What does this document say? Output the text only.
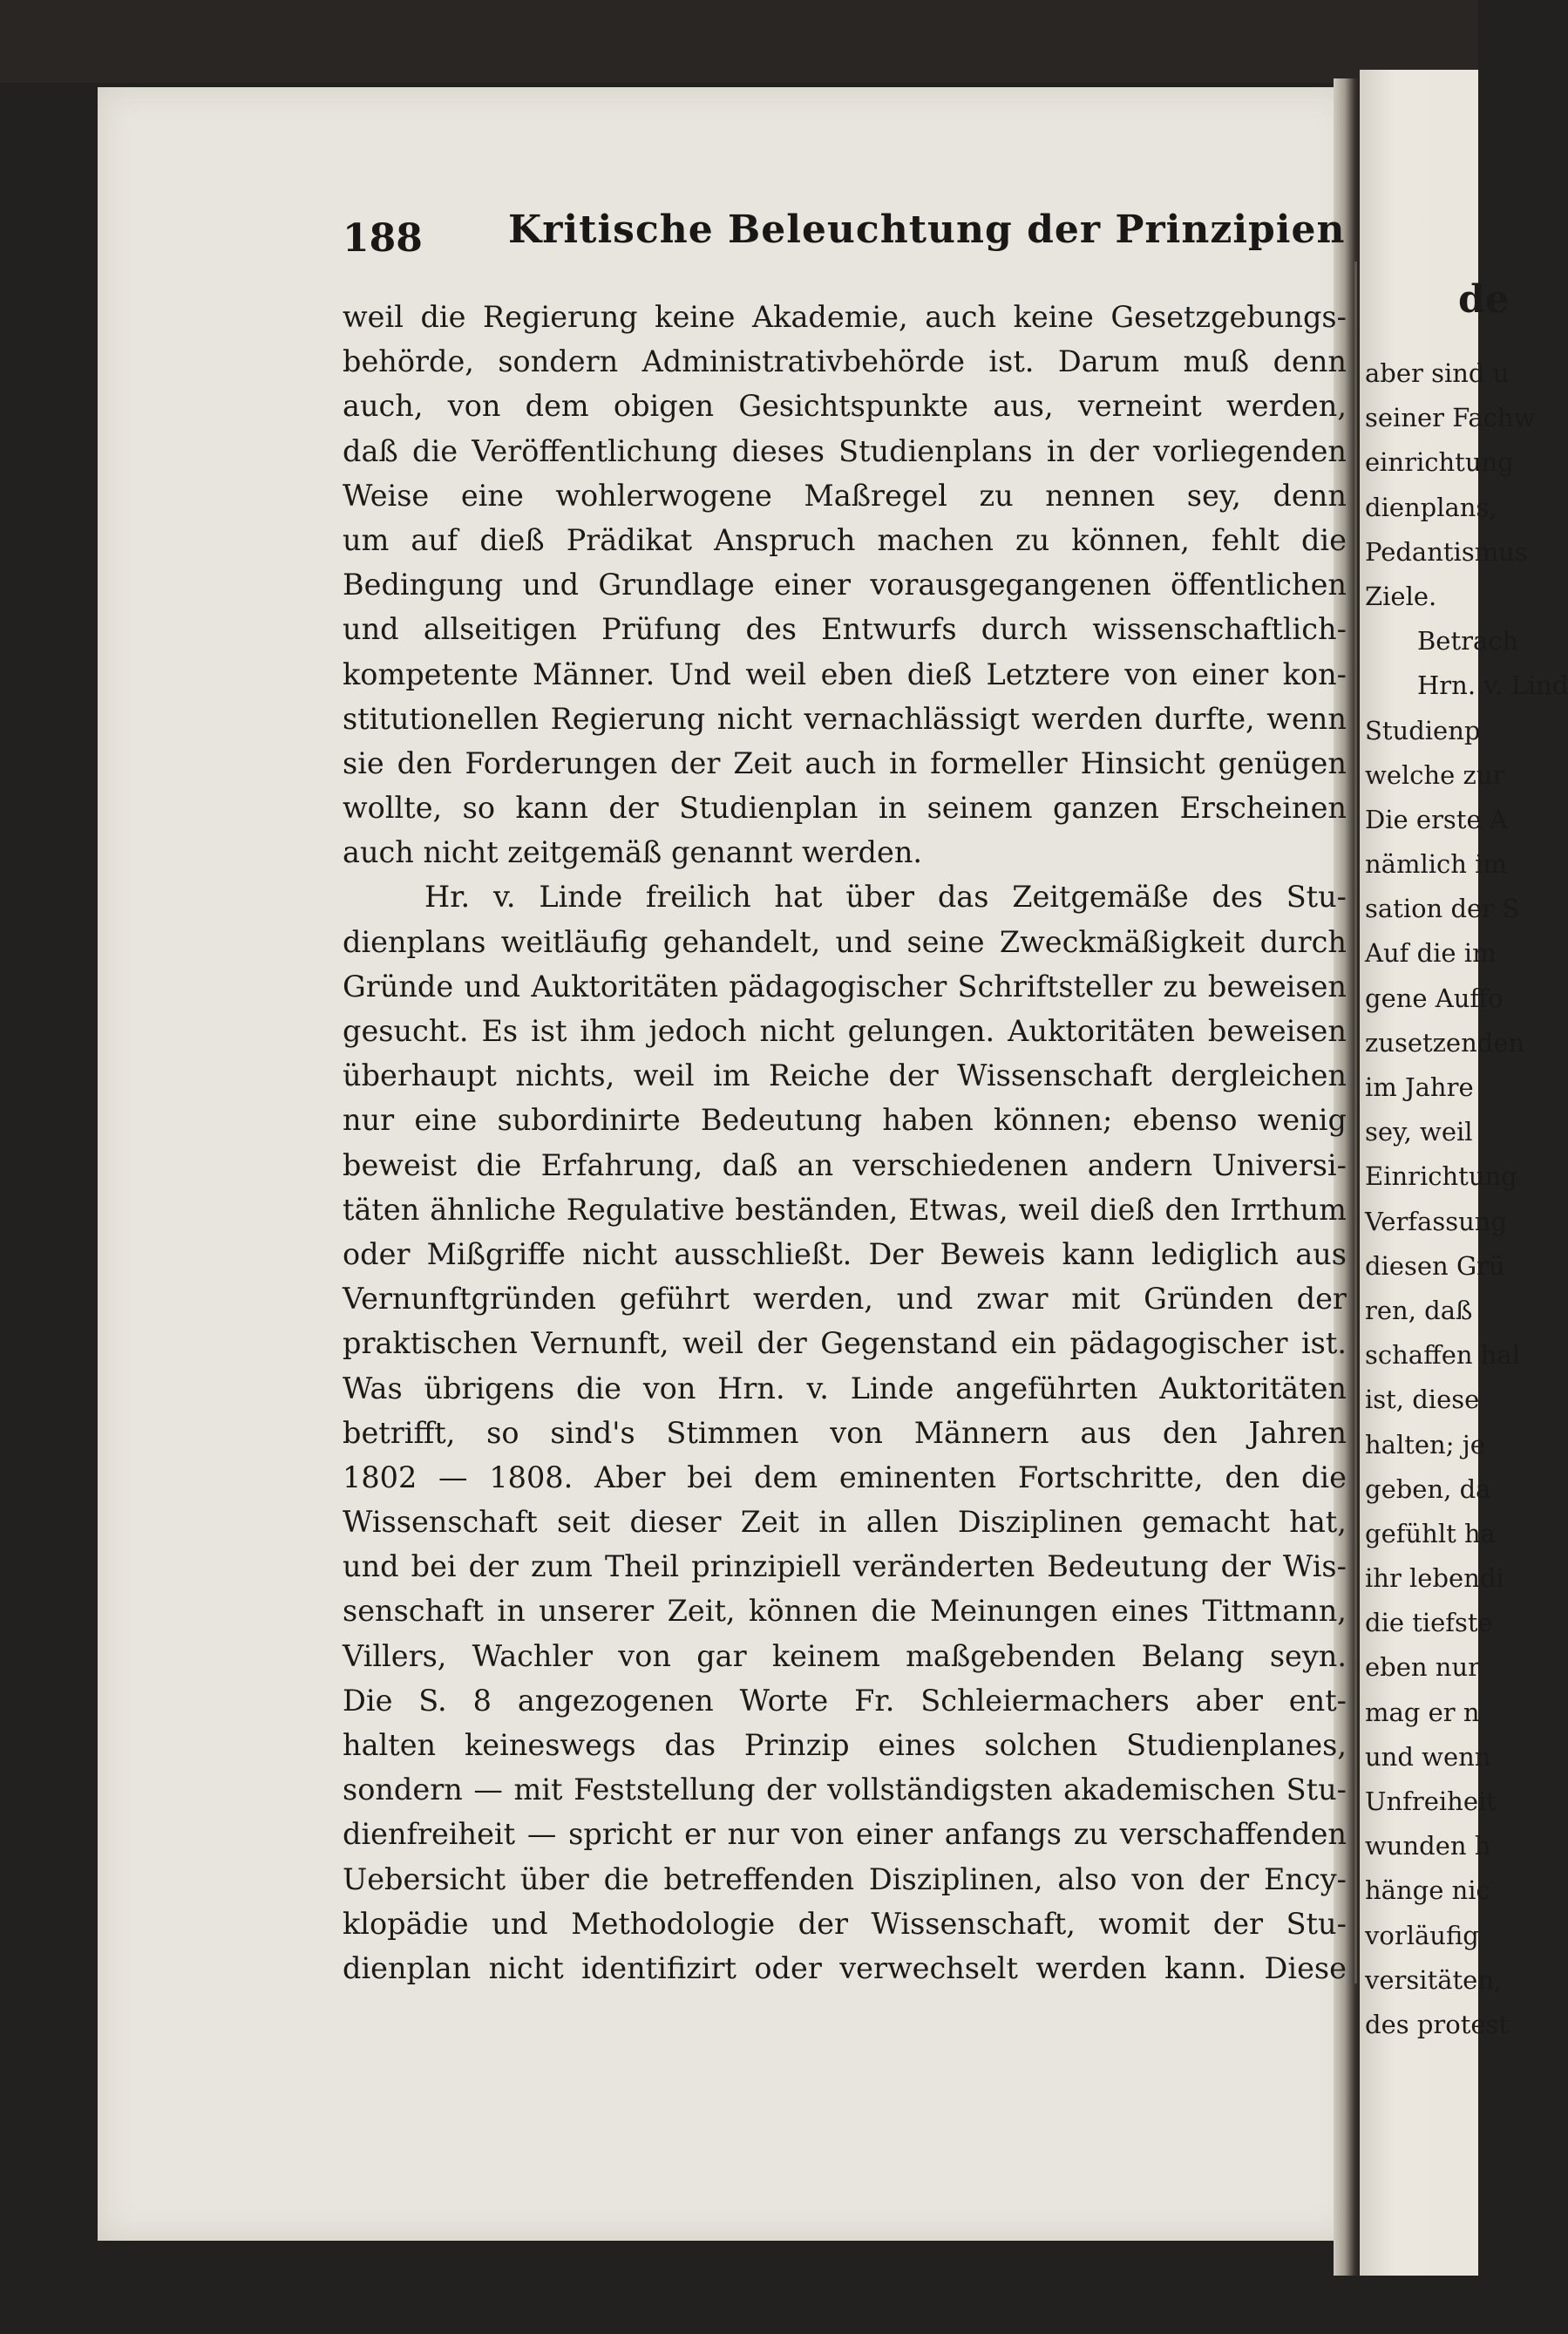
188 Kritische Beleuchtung der Prinzipien
weil die Regierung keine Akademie, auch keine Gesetzgebungs-
behörde, sondern Administrativbehörde ist. Darum muß denn
auch, von dem obigen Gesichtspunkte aus, verneint werden,
daß die Veröffentlichung dieses Studienplans in der vorliegenden
Weise eine wohlerwogene Maßregel zu nennen sey, denn
um auf dieß Prädikat Anspruch machen zu können, fehlt die
Bedingung und Grundlage einer vorausgegangenen öffentlichen
und allseitigen Prüfung des Entwurfs durch wissenschaftlich-
kompetente Männer. Und weil eben dieß Letztere von einer kon-
stitutionellen Regierung nicht vernachlässigt werden durfte, wenn
sie den Forderungen der Zeit auch in formeller Hinsicht genügen
wollte, so kann der Studienplan in seinem ganzen Erscheinen
auch nicht zeitgemäß genannt werden.
Hr. v. Linde freilich hat über das Zeitgemäße des Stu-
dienplans weitläufig gehandelt, und seine Zweckmäßigkeit durch
Gründe und Auktoritäten pädagogischer Schriftsteller zu beweisen
gesucht. Es ist ihm jedoch nicht gelungen. Auktoritäten beweisen
überhaupt nichts, weil im Reiche der Wissenschaft dergleichen
nur eine subordinirte Bedeutung haben können; ebenso wenig
beweist die Erfahrung, daß an verschiedenen andern Universi-
täten ähnliche Regulative beständen, Etwas, weil dieß den Irrthum
oder Mißgriffe nicht ausschließt. Der Beweis kann lediglich aus
Vernunftgründen geführt werden, und zwar mit Gründen der
praktischen Vernunft, weil der Gegenstand ein pädagogischer ist.
Was übrigens die von Hrn. v. Linde angeführten Auktoritäten
betrifft, so sind's Stimmen von Männern aus den Jahren
1802 — 1808. Aber bei dem eminenten Fortschritte, den die
Wissenschaft seit dieser Zeit in allen Disziplinen gemacht hat,
und bei der zum Theil prinzipiell veränderten Bedeutung der Wis-
senschaft in unserer Zeit, können die Meinungen eines Tittmann,
Villers, Wachler von gar keinem maßgebenden Belang seyn.
Die S. 8 angezogenen Worte Fr. Schleiermachers aber ent-
halten keineswegs das Prinzip eines solchen Studienplanes,
sondern — mit Feststellung der vollständigsten akademischen Stu-
dienfreiheit — spricht er nur von einer anfangs zu verschaffenden
Uebersicht über die betreffenden Disziplinen, also von der Ency-
klopädie und Methodologie der Wissenschaft, womit der Stu-
dienplan nicht identifizirt oder verwechselt werden kann. Diese
de
aber sind u
seiner Fachw
einrichtung
dienplans,
Pedantismus
Ziele.
Betrach
Hrn. v. Lind
Studienp
welche zur
Die erste A
nämlich im
sation der S
Auf die im
gene Auffo
zusetzenden
im Jahre
sey, weil
Einrichtung
Verfassung
diesen Grü
ren, daß
schaffen hal
ist, diese
halten; je
geben, da
gefühlt ha
ihr lebendi
die tiefste
eben nur
mag er n
und wenn
Unfreiheit
wunden h
hänge nic
vorläufig
versitäten,
des protest
